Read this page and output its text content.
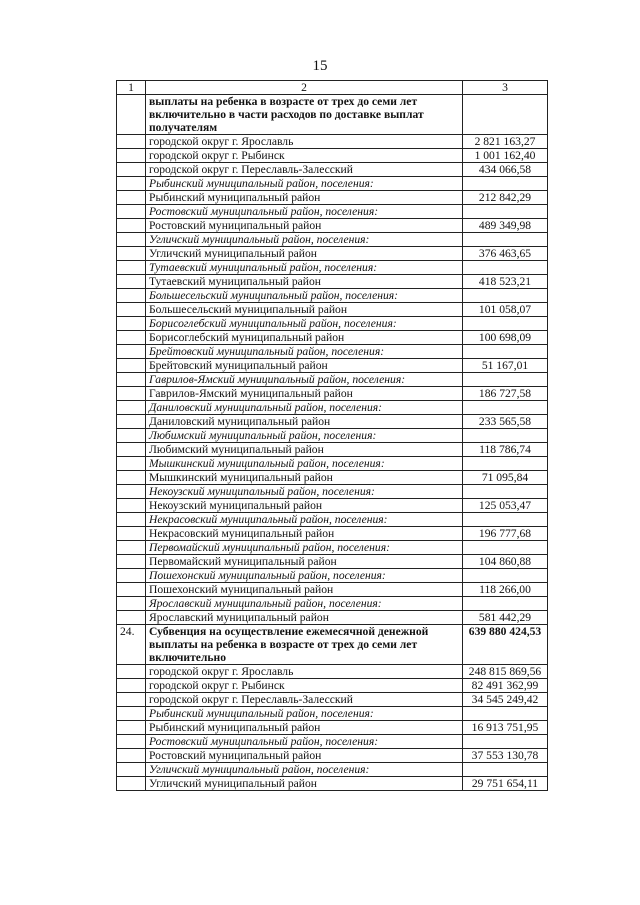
15
1	2	3
	выплаты на ребенка в возрасте от трех до семи лет включительно в части расходов по доставке выплат получателям	
	городской округ г. Ярославль	2 821 163,27
	городской округ г. Рыбинск	1 001 162,40
	городской округ г. Переславль-Залесский	434 066,58
	Рыбинский муниципальный район, поселения:	
	Рыбинский муниципальный район	212 842,29
	Ростовский муниципальный район, поселения:	
	Ростовский муниципальный район	489 349,98
	Угличский муниципальный район, поселения:	
	Угличский муниципальный район	376 463,65
	Тутаевский муниципальный район, поселения:	
	Тутаевский муниципальный район	418 523,21
	Большесельский муниципальный район, поселения:	
	Большесельский муниципальный район	101 058,07
	Борисоглебский муниципальный район, поселения:	
	Борисоглебский муниципальный район	100 698,09
	Брейтовский муниципальный район, поселения:	
	Брейтовский муниципальный район	51 167,01
	Гаврилов-Ямский муниципальный район, поселения:	
	Гаврилов-Ямский муниципальный район	186 727,58
	Даниловский муниципальный район, поселения:	
	Даниловский муниципальный район	233 565,58
	Любимский муниципальный район, поселения:	
	Любимский муниципальный район	118 786,74
	Мышкинский муниципальный район, поселения:	
	Мышкинский муниципальный район	71 095,84
	Некоузский муниципальный район, поселения:	
	Некоузский муниципальный район	125 053,47
	Некрасовский муниципальный район, поселения:	
	Некрасовский муниципальный район	196 777,68
	Первомайский муниципальный район, поселения:	
	Первомайский муниципальный район	104 860,88
	Пошехонский муниципальный район, поселения:	
	Пошехонский муниципальный район	118 266,00
	Ярославский муниципальный район, поселения:	
	Ярославский муниципальный район	581 442,29
24.	Субвенция на осуществление ежемесячной денежной выплаты на ребенка в возрасте от трех до семи лет включительно	639 880 424,53
	городской округ г. Ярославль	248 815 869,56
	городской округ г. Рыбинск	82 491 362,99
	городской округ г. Переславль-Залесский	34 545 249,42
	Рыбинский муниципальный район, поселения:	
	Рыбинский муниципальный район	16 913 751,95
	Ростовский муниципальный район, поселения:	
	Ростовский муниципальный район	37 553 130,78
	Угличский муниципальный район, поселения:	
	Угличский муниципальный район	29 751 654,11
